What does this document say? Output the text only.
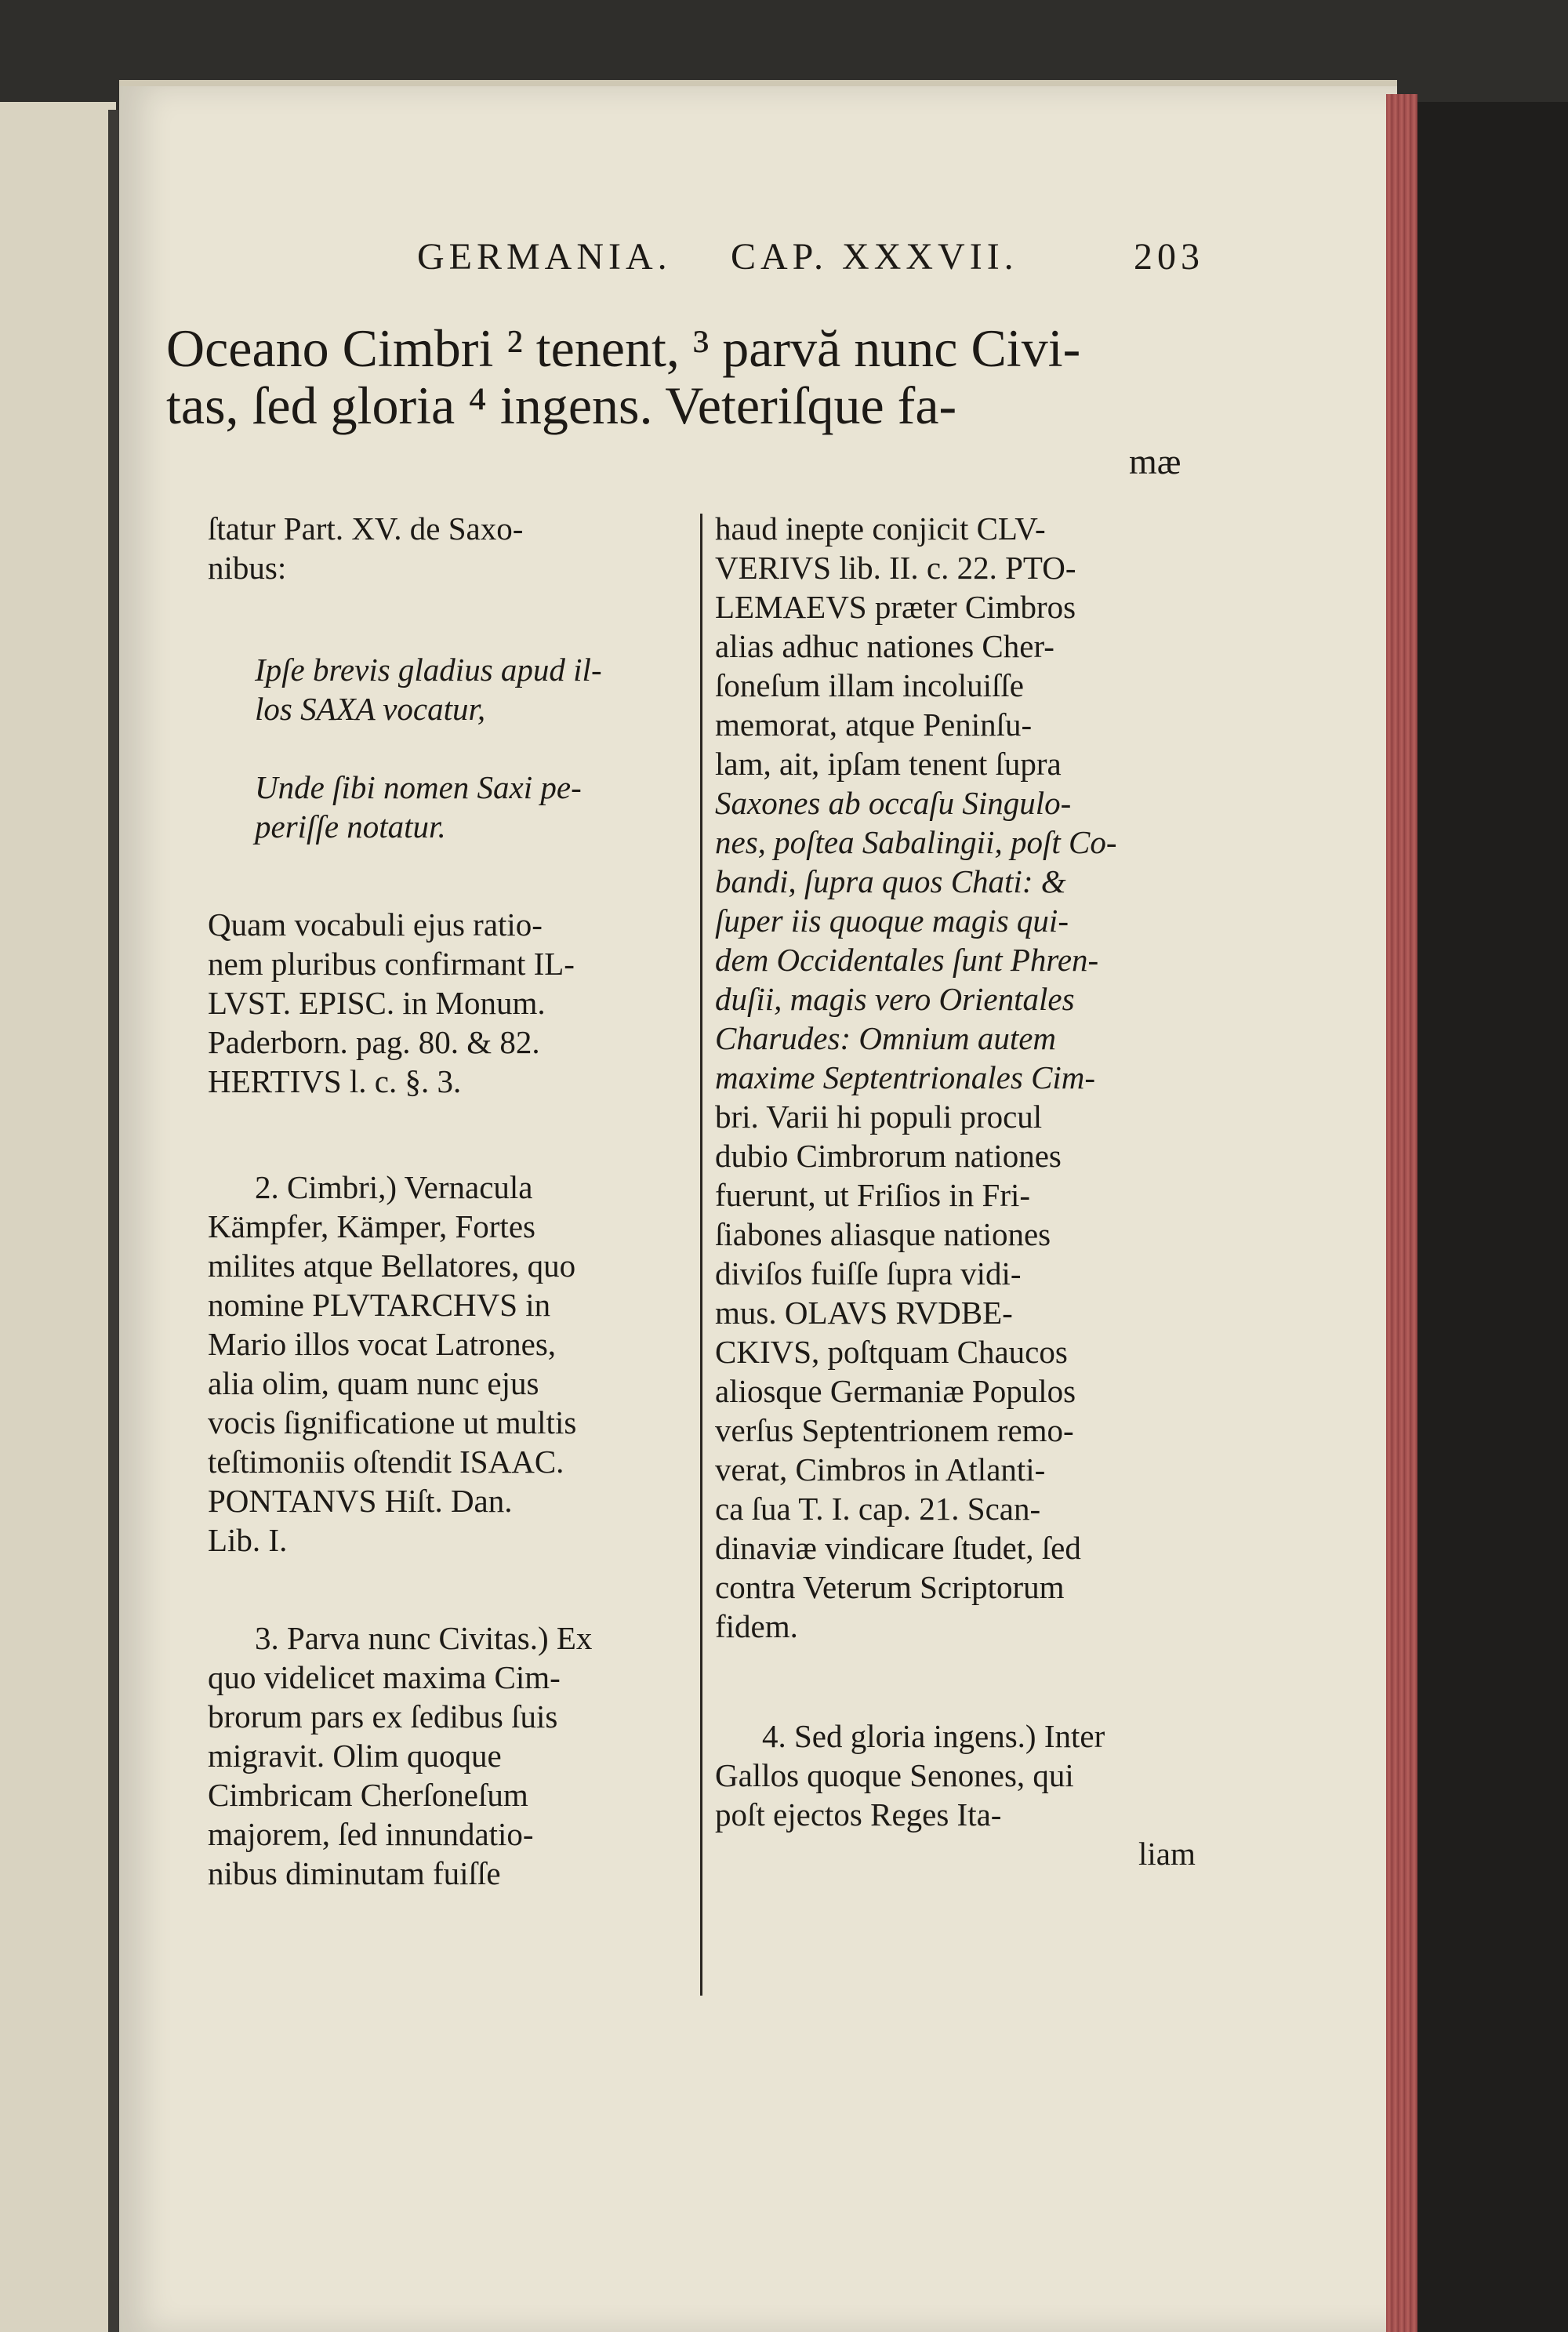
GERMANIA. CAP. XXXVII.	203
Oceano Cimbri ² tenent, ³ parvă nunc Civi-
tas, ſed gloria ⁴ ingens. Veteriſque fa-
mæ
ſtatur Part. XV. de Saxo-
nibus:
Ipſe brevis gladius apud il-
los SAXA vocatur,
Unde ſibi nomen Saxi pe-
periſſe notatur.
Quam vocabuli ejus ratio-
nem pluribus confirmant IL-
LVST. EPISC. in Monum.
Paderborn. pag. 80. & 82.
HERTIVS l. c. §. 3.
2. Cimbri,) Vernacula
Kämpfer, Kämper, Fortes
milites atque Bellatores, quo
nomine PLVTARCHVS in
Mario illos vocat Latrones,
alia olim, quam nunc ejus
vocis ſignificatione ut multis
teſtimoniis oſtendit ISAAC.
PONTANVS Hiſt. Dan.
Lib. I.
3. Parva nunc Civitas.) Ex
quo videlicet maxima Cim-
brorum pars ex ſedibus ſuis
migravit. Olim quoque
Cimbricam Cherſoneſum
majorem, ſed innundatio-
nibus diminutam fuiſſe
haud inepte conjicit CLV-
VERIVS lib. II. c. 22. PTO-
LEMAEVS præter Cimbros
alias adhuc nationes Cher-
ſoneſum illam incoluiſſe
memorat, atque Peninſu-
lam, ait, ipſam tenent ſupra
Saxones ab occaſu Singulo-
nes, poſtea Sabalingii, poſt Co-
bandi, ſupra quos Chati: &
ſuper iis quoque magis qui-
dem Occidentales ſunt Phren-
duſii, magis vero Orientales
Charudes: Omnium autem
maxime Septentrionales Cim-
bri. Varii hi populi procul
dubio Cimbrorum nationes
fuerunt, ut Friſios in Fri-
ſiabones aliasque nationes
diviſos fuiſſe ſupra vidi-
mus. OLAVS RVDBE-
CKIVS, poſtquam Chaucos
aliosque Germaniæ Populos
verſus Septentrionem remo-
verat, Cimbros in Atlanti-
ca ſua T. I. cap. 21. Scan-
dinaviæ vindicare ſtudet, ſed
contra Veterum Scriptorum
fidem.
4. Sed gloria ingens.) Inter
Gallos quoque Senones, qui
poſt ejectos Reges Ita-
liam
